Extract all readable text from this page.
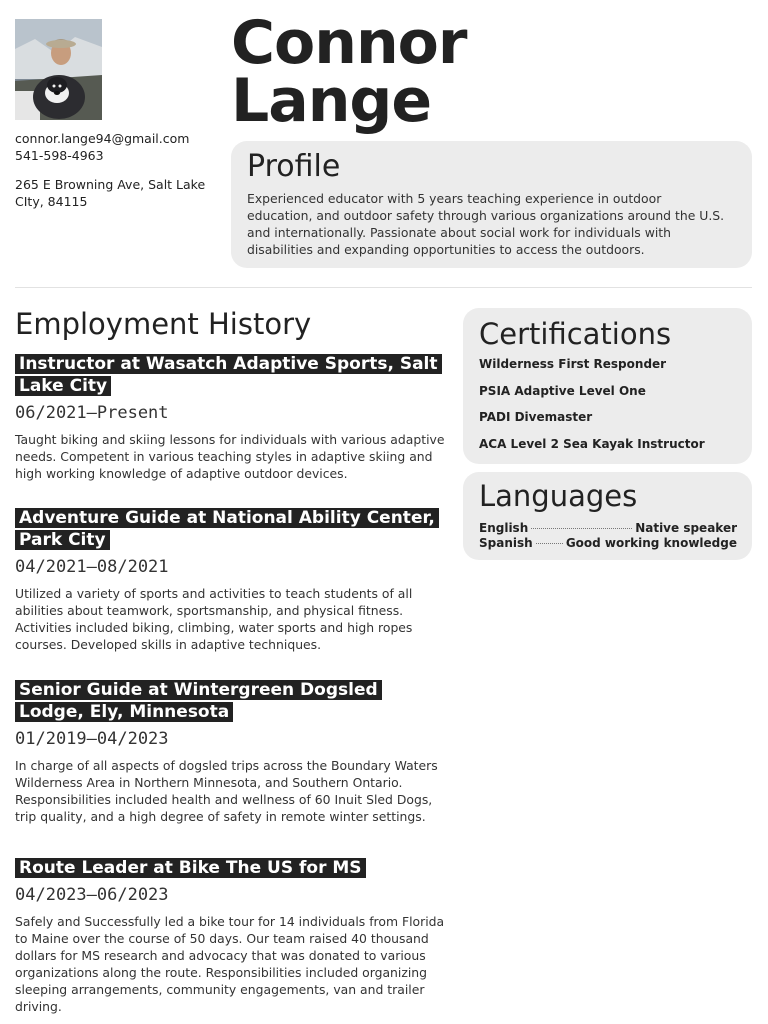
connor.lange94@gmail.com
541-598-4963
265 E Browning Ave, Salt Lake CIty, 84115
Connor
Lange
Profile

Experienced educator with 5 years teaching experience in outdoor education, and outdoor safety through various organizations around the U.S. and internationally. Passionate about social work for individuals with disabilities and expanding opportunities to access the outdoors.

Employment History
Instructor at Wasatch Adaptive Sports, Salt Lake City
06/2021—Present

Taught biking and skiing lessons for individuals with various adaptive needs. Competent in various teaching styles in adaptive skiing and high working knowledge of adaptive outdoor devices.

Adventure Guide at National Ability Center, Park City
04/2021—08/2021

Utilized a variety of sports and activities to teach students of all abilities about teamwork, sportsmanship, and physical fitness. Activities included biking, climbing, water sports and high ropes courses. Developed skills in adaptive techniques.

Senior Guide at Wintergreen Dogsled Lodge, Ely, Minnesota
01/2019—04/2023

In charge of all aspects of dogsled trips across the Boundary Waters Wilderness Area in Northern Minnesota, and Southern Ontario. Responsibilities included health and wellness of 60 Inuit Sled Dogs, trip quality, and a high degree of safety in remote winter settings.

Route Leader at Bike The US for MS
04/2023—06/2023

Safely and Successfully led a bike tour for 14 individuals from Florida to Maine over the course of 50 days. Our team raised 40 thousand dollars for MS research and advocacy that was donated to various organizations along the route. Responsibilities included organizing sleeping arrangements, community engagements, van and trailer driving.

Certifications
Wilderness First Responder
PSIA Adaptive Level One
PADI Divemaster
ACA Level 2 Sea Kayak Instructor
Languages
English	Native speaker
Spanish	Good working knowledge
